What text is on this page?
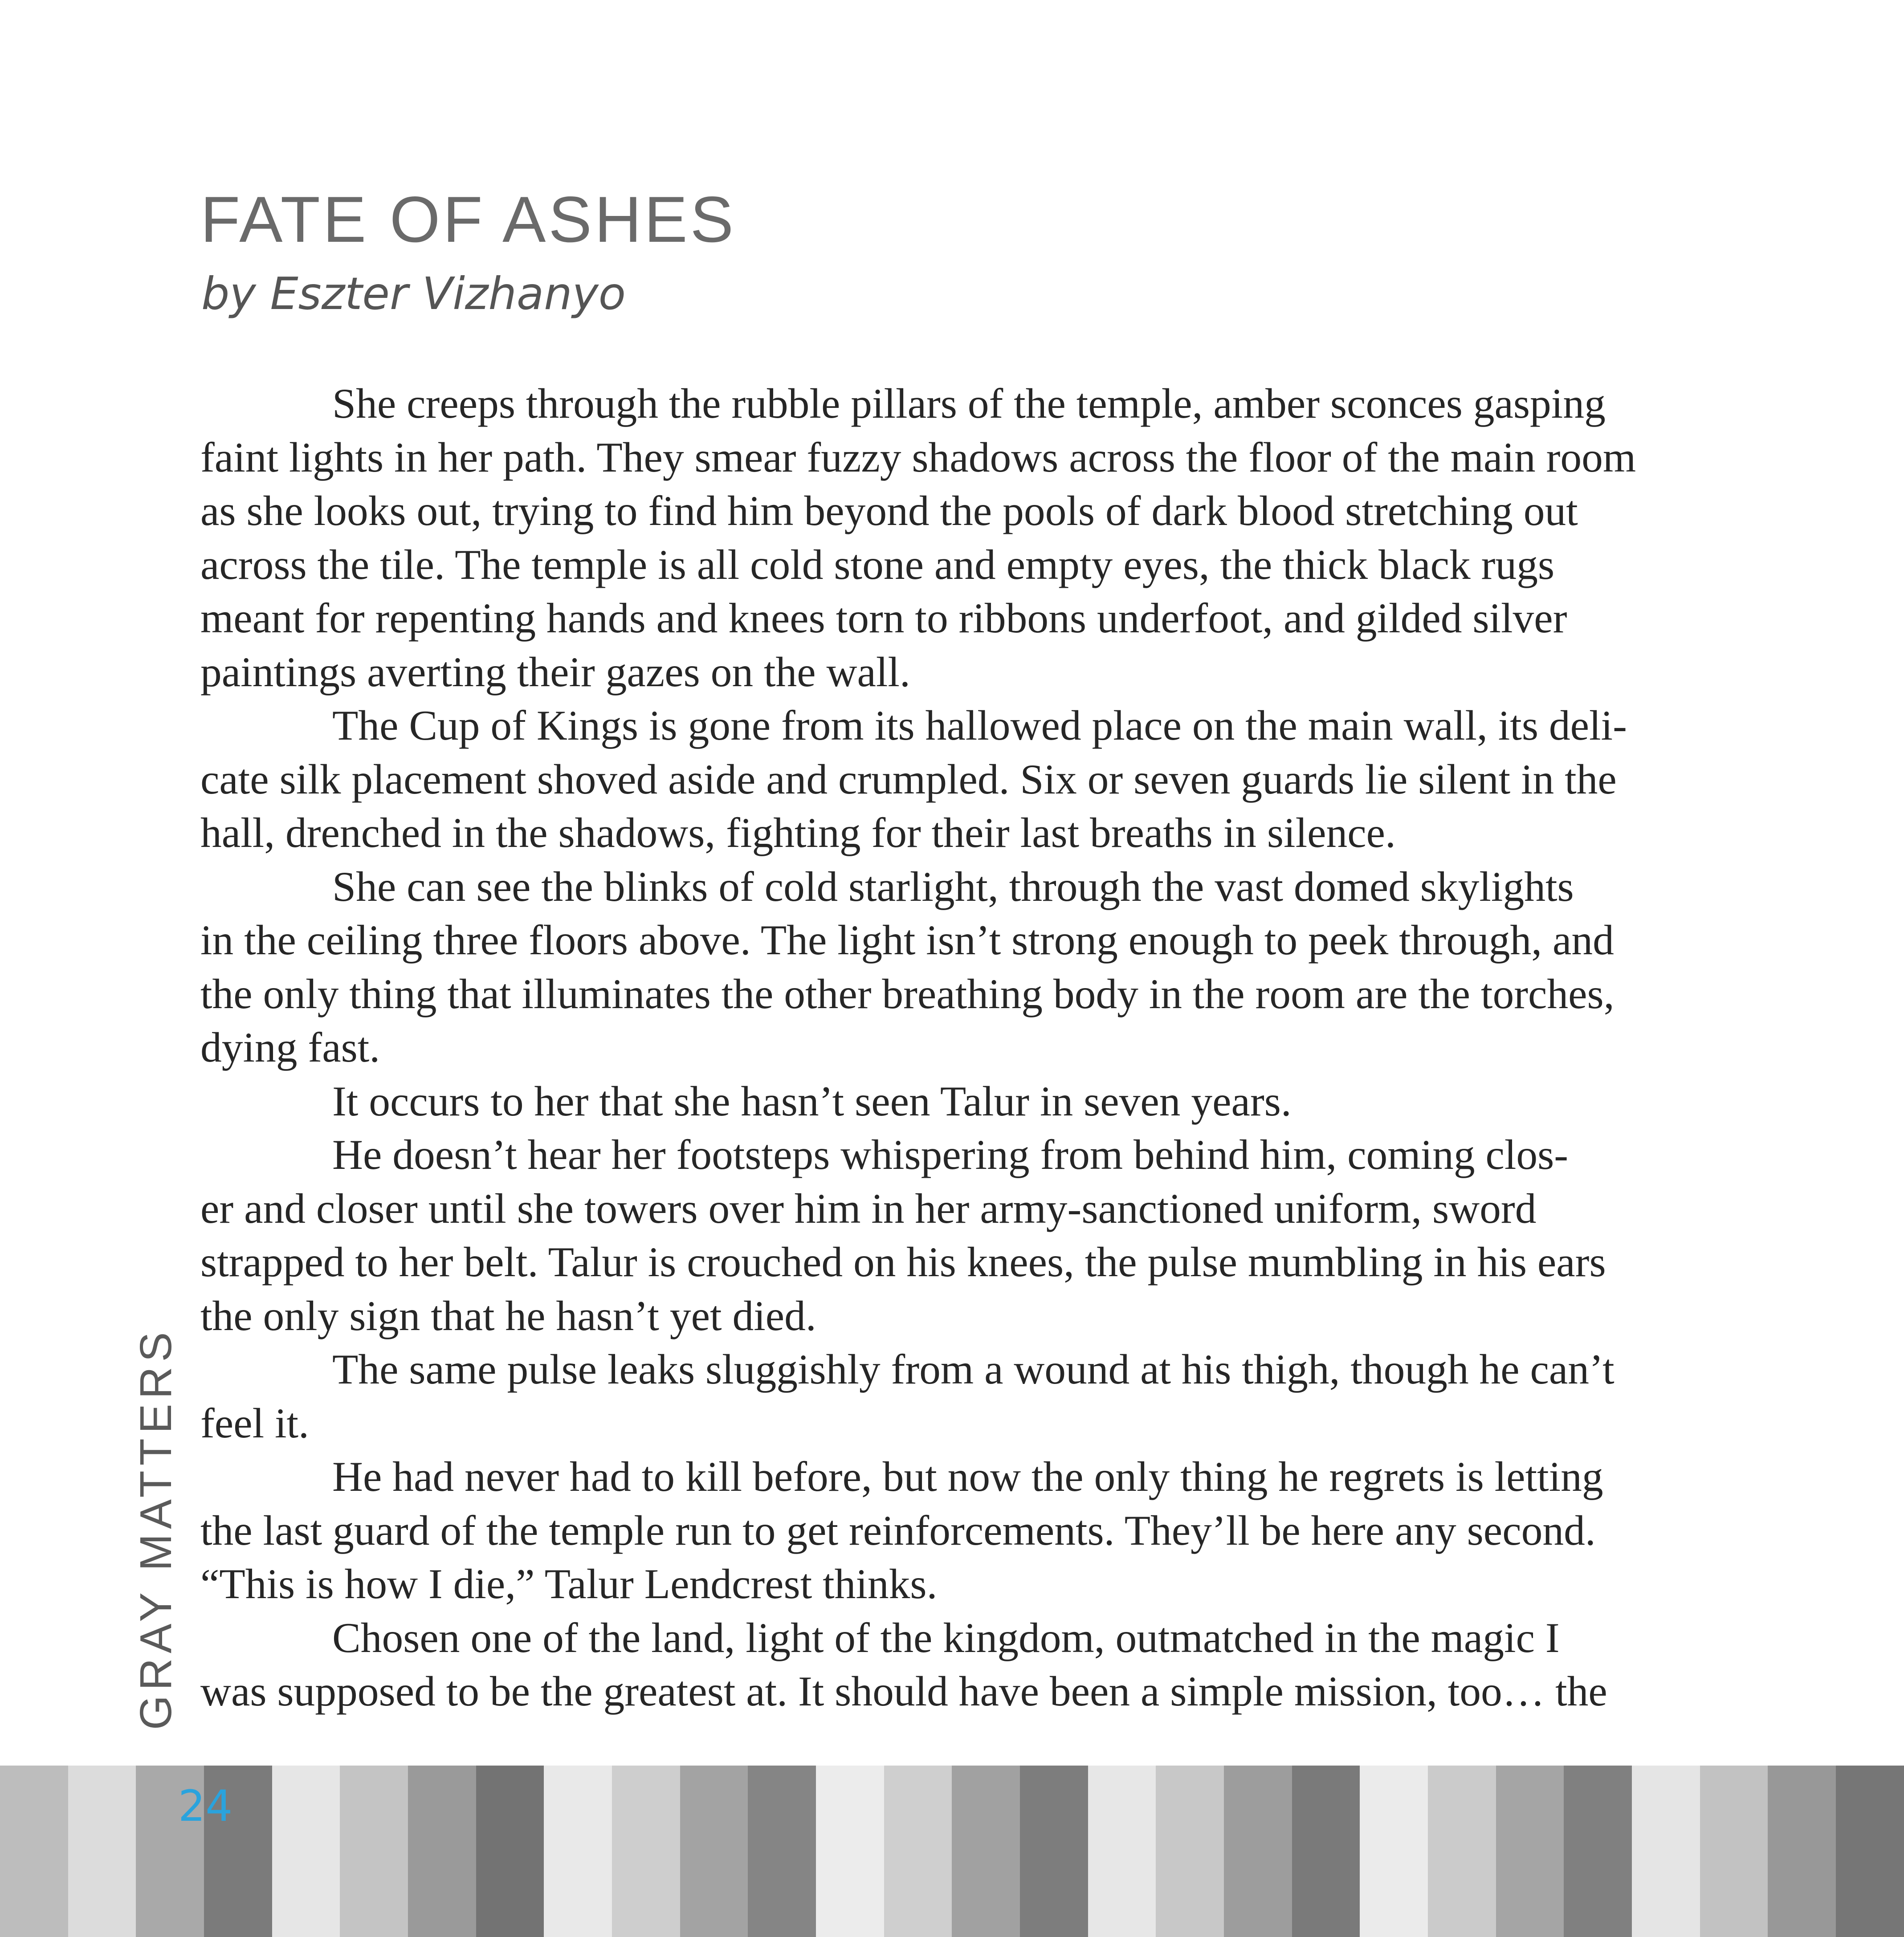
FATE OF ASHES
by Eszter Vizhanyo
She creeps through the rubble pillars of the temple, amber sconces gasping
faint lights in her path. They smear fuzzy shadows across the floor of the main room
as she looks out, trying to find him beyond the pools of dark blood stretching out
across the tile. The temple is all cold stone and empty eyes, the thick black rugs
meant for repenting hands and knees torn to ribbons underfoot, and gilded silver
paintings averting their gazes on the wall.
The Cup of Kings is gone from its hallowed place on the main wall, its deli-
cate silk placement shoved aside and crumpled. Six or seven guards lie silent in the
hall, drenched in the shadows, fighting for their last breaths in silence.
She can see the blinks of cold starlight, through the vast domed skylights
in the ceiling three floors above. The light isn’t strong enough to peek through, and
the only thing that illuminates the other breathing body in the room are the torches,
dying fast.
It occurs to her that she hasn’t seen Talur in seven years.
He doesn’t hear her footsteps whispering from behind him, coming clos-
er and closer until she towers over him in her army-sanctioned uniform, sword
strapped to her belt. Talur is crouched on his knees, the pulse mumbling in his ears
the only sign that he hasn’t yet died.
The same pulse leaks sluggishly from a wound at his thigh, though he can’t
feel it.
He had never had to kill before, but now the only thing he regrets is letting
the last guard of the temple run to get reinforcements. They’ll be here any second.
“This is how I die,” Talur Lendcrest thinks.
Chosen one of the land, light of the kingdom, outmatched in the magic I
was supposed to be the greatest at. It should have been a simple mission, too… the
GRAY MATTERS
24
